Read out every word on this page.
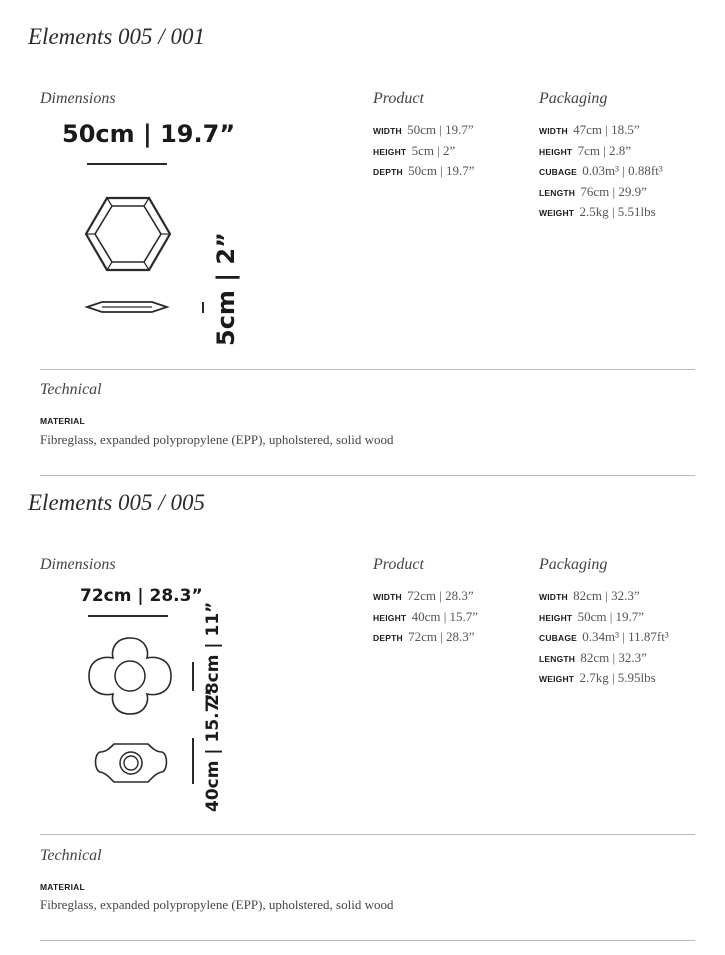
Elements 005 / 001
Dimensions
50cm | 19.7”
5cm | 2”
Product
WIDTH 50cm | 19.7”
HEIGHT 5cm | 2”
DEPTH 50cm | 19.7”
Packaging
WIDTH 47cm | 18.5”
HEIGHT 7cm | 2.8”
CUBAGE 0.03m³ | 0.88ft³
LENGTH 76cm | 29.9”
WEIGHT 2.5kg | 5.51lbs
Technical
MATERIAL
Fibreglass, expanded polypropylene (EPP), upholstered, solid wood
Elements 005 / 005
Dimensions
72cm | 28.3”
28cm | 11”
40cm | 15.7”
Product
WIDTH 72cm | 28.3”
HEIGHT 40cm | 15.7”
DEPTH 72cm | 28.3”
Packaging
WIDTH 82cm | 32.3”
HEIGHT 50cm | 19.7”
CUBAGE 0.34m³ | 11.87ft³
LENGTH 82cm | 32.3”
WEIGHT 2.7kg | 5.95lbs
Technical
MATERIAL
Fibreglass, expanded polypropylene (EPP), upholstered, solid wood
